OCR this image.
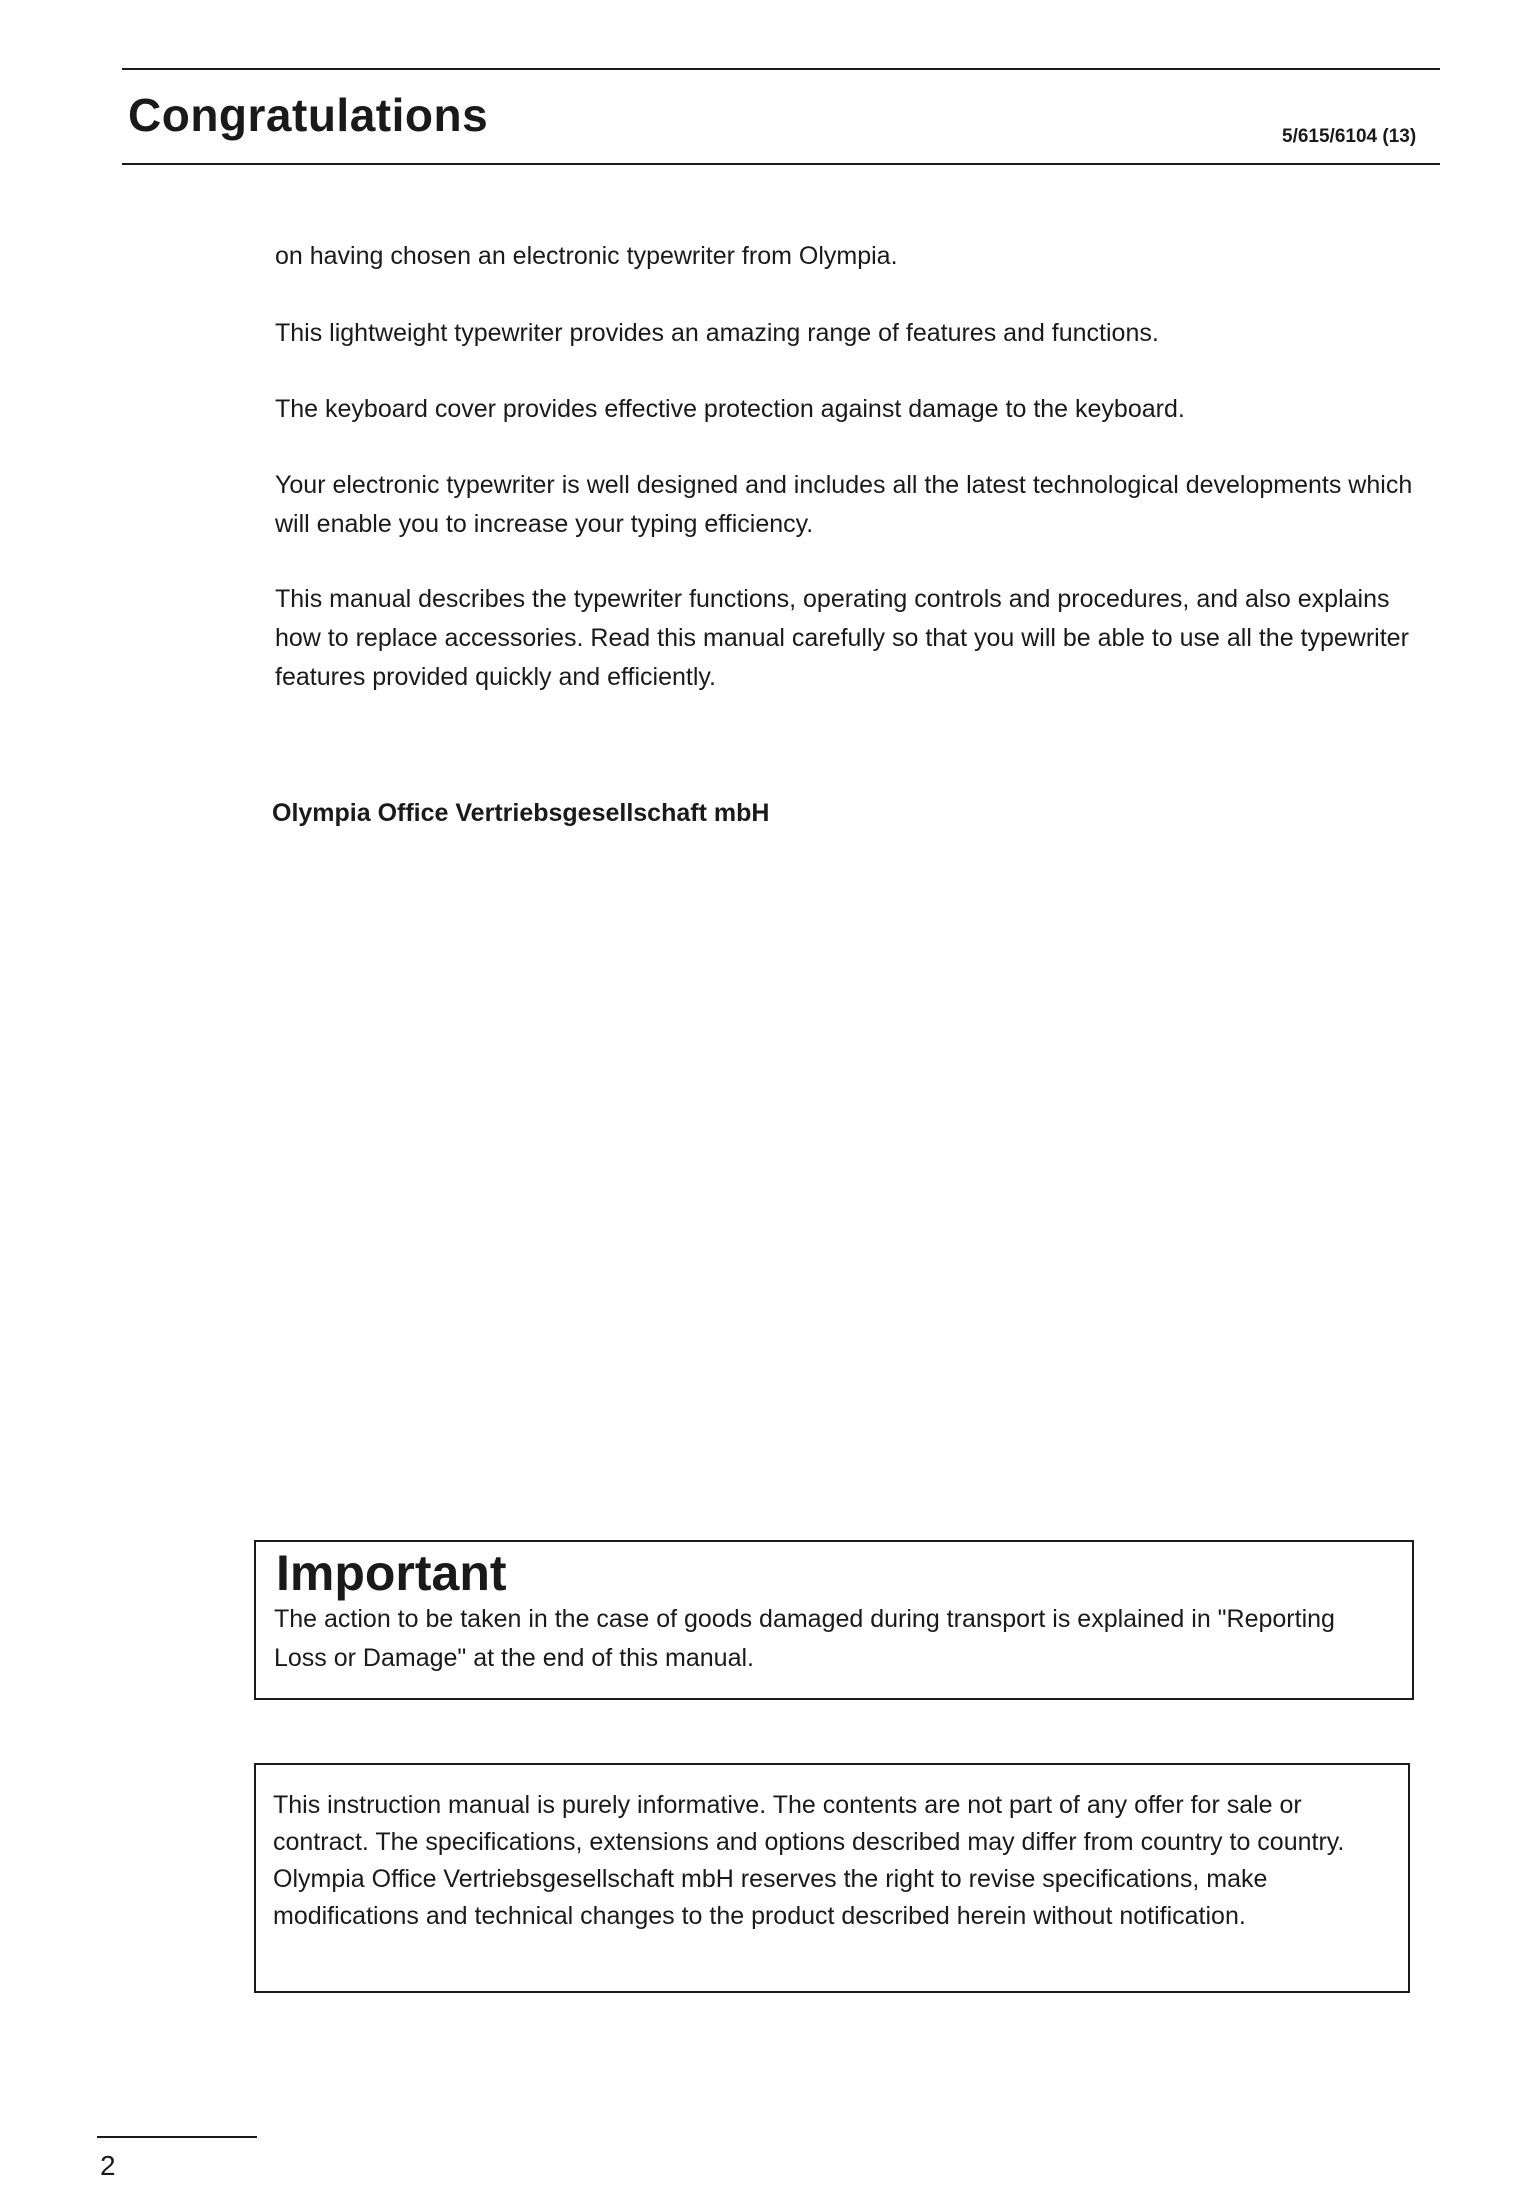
Congratulations	5/615/6104 (13)

on having chosen an electronic typewriter from Olympia.

This lightweight typewriter provides an amazing range of features and functions.

The keyboard cover provides effective protection against damage to the keyboard.

Your electronic typewriter is well designed and includes all the latest technological developments which will enable you to increase your typing efficiency.

This manual describes the typewriter functions, operating controls and procedures, and also explains how to replace accessories. Read this manual carefully so that you will be able to use all the typewriter features provided quickly and efficiently.

Olympia Office Vertriebsgesellschaft mbH

Important

The action to be taken in the case of goods damaged during transport is explained in "Reporting Loss or Damage" at the end of this manual.

This instruction manual is purely informative. The contents are not part of any offer for sale or contract. The specifications, extensions and options described may differ from country to country.
Olympia Office Vertriebsgesellschaft mbH reserves the right to revise specifications, make modifications and technical changes to the product described herein without notification.

2
